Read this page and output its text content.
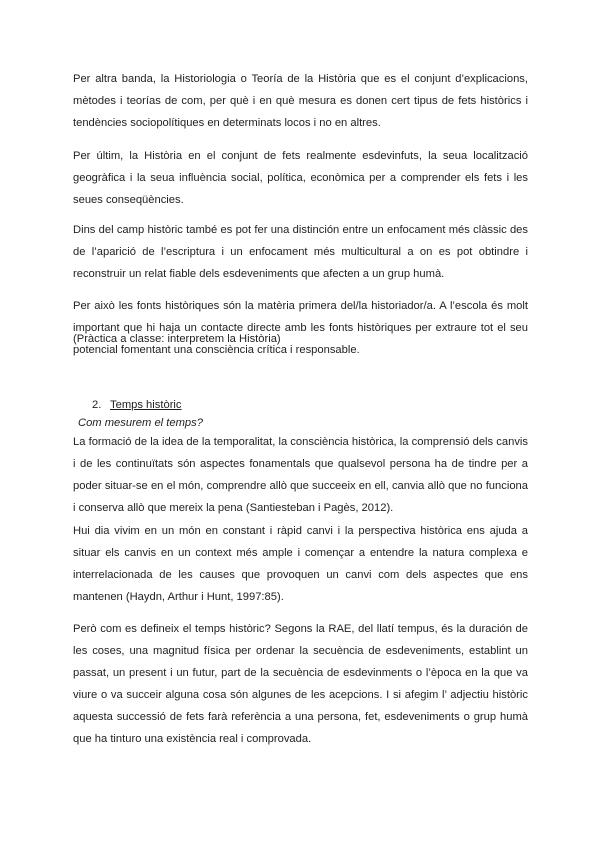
Per altra banda, la Historiologia o Teoría de la Història que es el conjunt d’explicacions, mètodes i teorías de com, per què i en què mesura es donen cert tipus de fets històrics i tendències sociopolítiques en determinats locos i no en altres.

Per últim, la Història en el conjunt de fets realmente esdevinfuts, la seua localització geogràfica i la seua influència social, política, econòmica per a comprender els fets i les seues conseqüències.

Dins del camp històric també es pot fer una distinción entre un enfocament més clàssic des de l’aparició de l’escriptura i un enfocament més multicultural a on es pot obtindre i reconstruir un relat fiable dels esdeveniments que afecten a un grup humà.

Per això les fonts històriques són la matèria primera del/la historiador/a. A l’escola és molt important que hi haja un contacte directe amb les fonts històriques per extraure tot el seu potencial fomentant una consciència crítica i responsable.

(Pràctica a classe: interpretem la Història)

2. Temps històric
Com mesurem el temps?

La formació de la idea de la temporalitat, la consciència històrica, la comprensió dels canvis i de les continuïtats són aspectes fonamentals que qualsevol persona ha de tindre per a poder situar-se en el món, comprendre allò que succeeix en ell, canvia allò que no funciona i conserva allò que mereix la pena (Santiesteban i Pagès, 2012).

Hui dia vivim en un món en constant i ràpid canvi i la perspectiva històrica ens ajuda a situar els canvis en un context més ample i començar a entendre la natura complexa e interrelacionada de les causes que provoquen un canvi com dels aspectes que ens mantenen (Haydn, Arthur i Hunt, 1997:85).

Però com es defineix el temps històric? Segons la RAE, del llatí tempus, és la duración de les coses, una magnitud física per ordenar la secuència de esdeveniments, establint un passat, un present i un futur, part de la secuència de esdevinments o l’època en la que va viure o va succeir alguna cosa són algunes de les acepcions. I si afegim l’ adjectiu històric aquesta successió de fets farà referència a una persona, fet, esdeveniments o grup humà que ha tinturo una existència real i comprovada.
